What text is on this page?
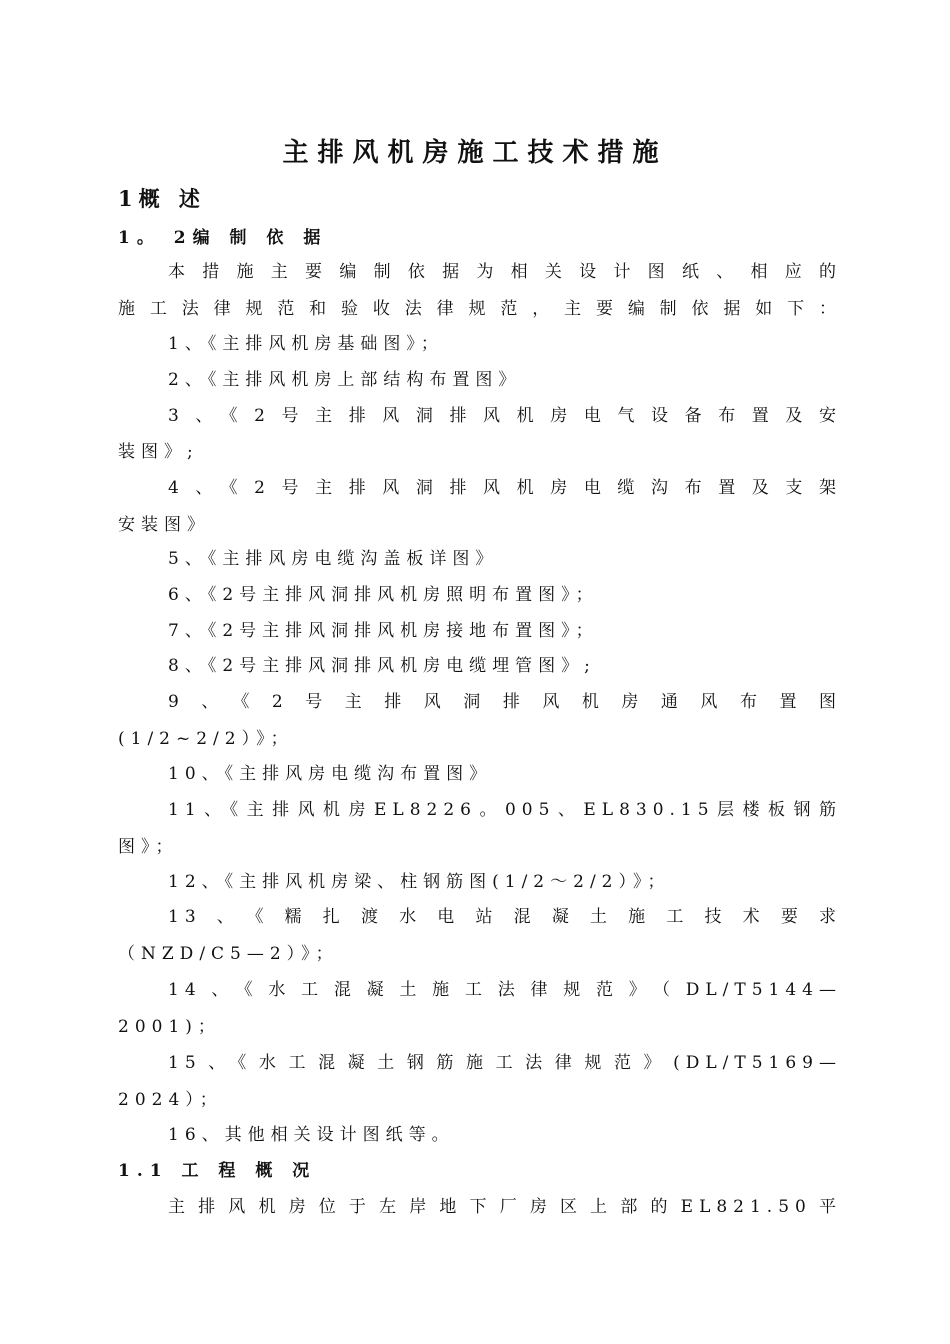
主排风机房施工技术措施
1概 述
1。 2编 制 依 据
本措施主要编制依据为相关设计图纸、相应的
施工法律规范和验收法律规范，主要编制依据如下：
1、《主排风机房基础图》；
2、《主排风机房上部结构布置图》
3、《2号主排风洞排风机房电气设备布置及安
装图》;
4、《2号主排风洞排风机房电缆沟布置及支架
安装图》
5、《主排风房电缆沟盖板详图》
6、《2号主排风洞排风机房照明布置图》；
7、《2号主排风洞排风机房接地布置图》；
8、《2号主排风洞排风机房电缆埋管图》;
9、《2号主排风洞排风机房通风布置图
(1/2~2/2）》；
10、《主排风房电缆沟布置图》
11、《主排风机房EL8226。005、EL830.15层楼板钢筋
图》；
12、《主排风机房梁、柱钢筋图(1/2～2/2）》；
13、《糯扎渡水电站混凝土施工技术要求
（NZD/C5—2）》；
14、《水工混凝土施工法律规范》（DL/T5144—
2001)；
15、《水工混凝土钢筋施工法律规范》(DL/T5169—
2024）；
16、其他相关设计图纸等。
1.1 工 程 概 况
主排风机房位于左岸地下厂房区上部的EL821.50平
